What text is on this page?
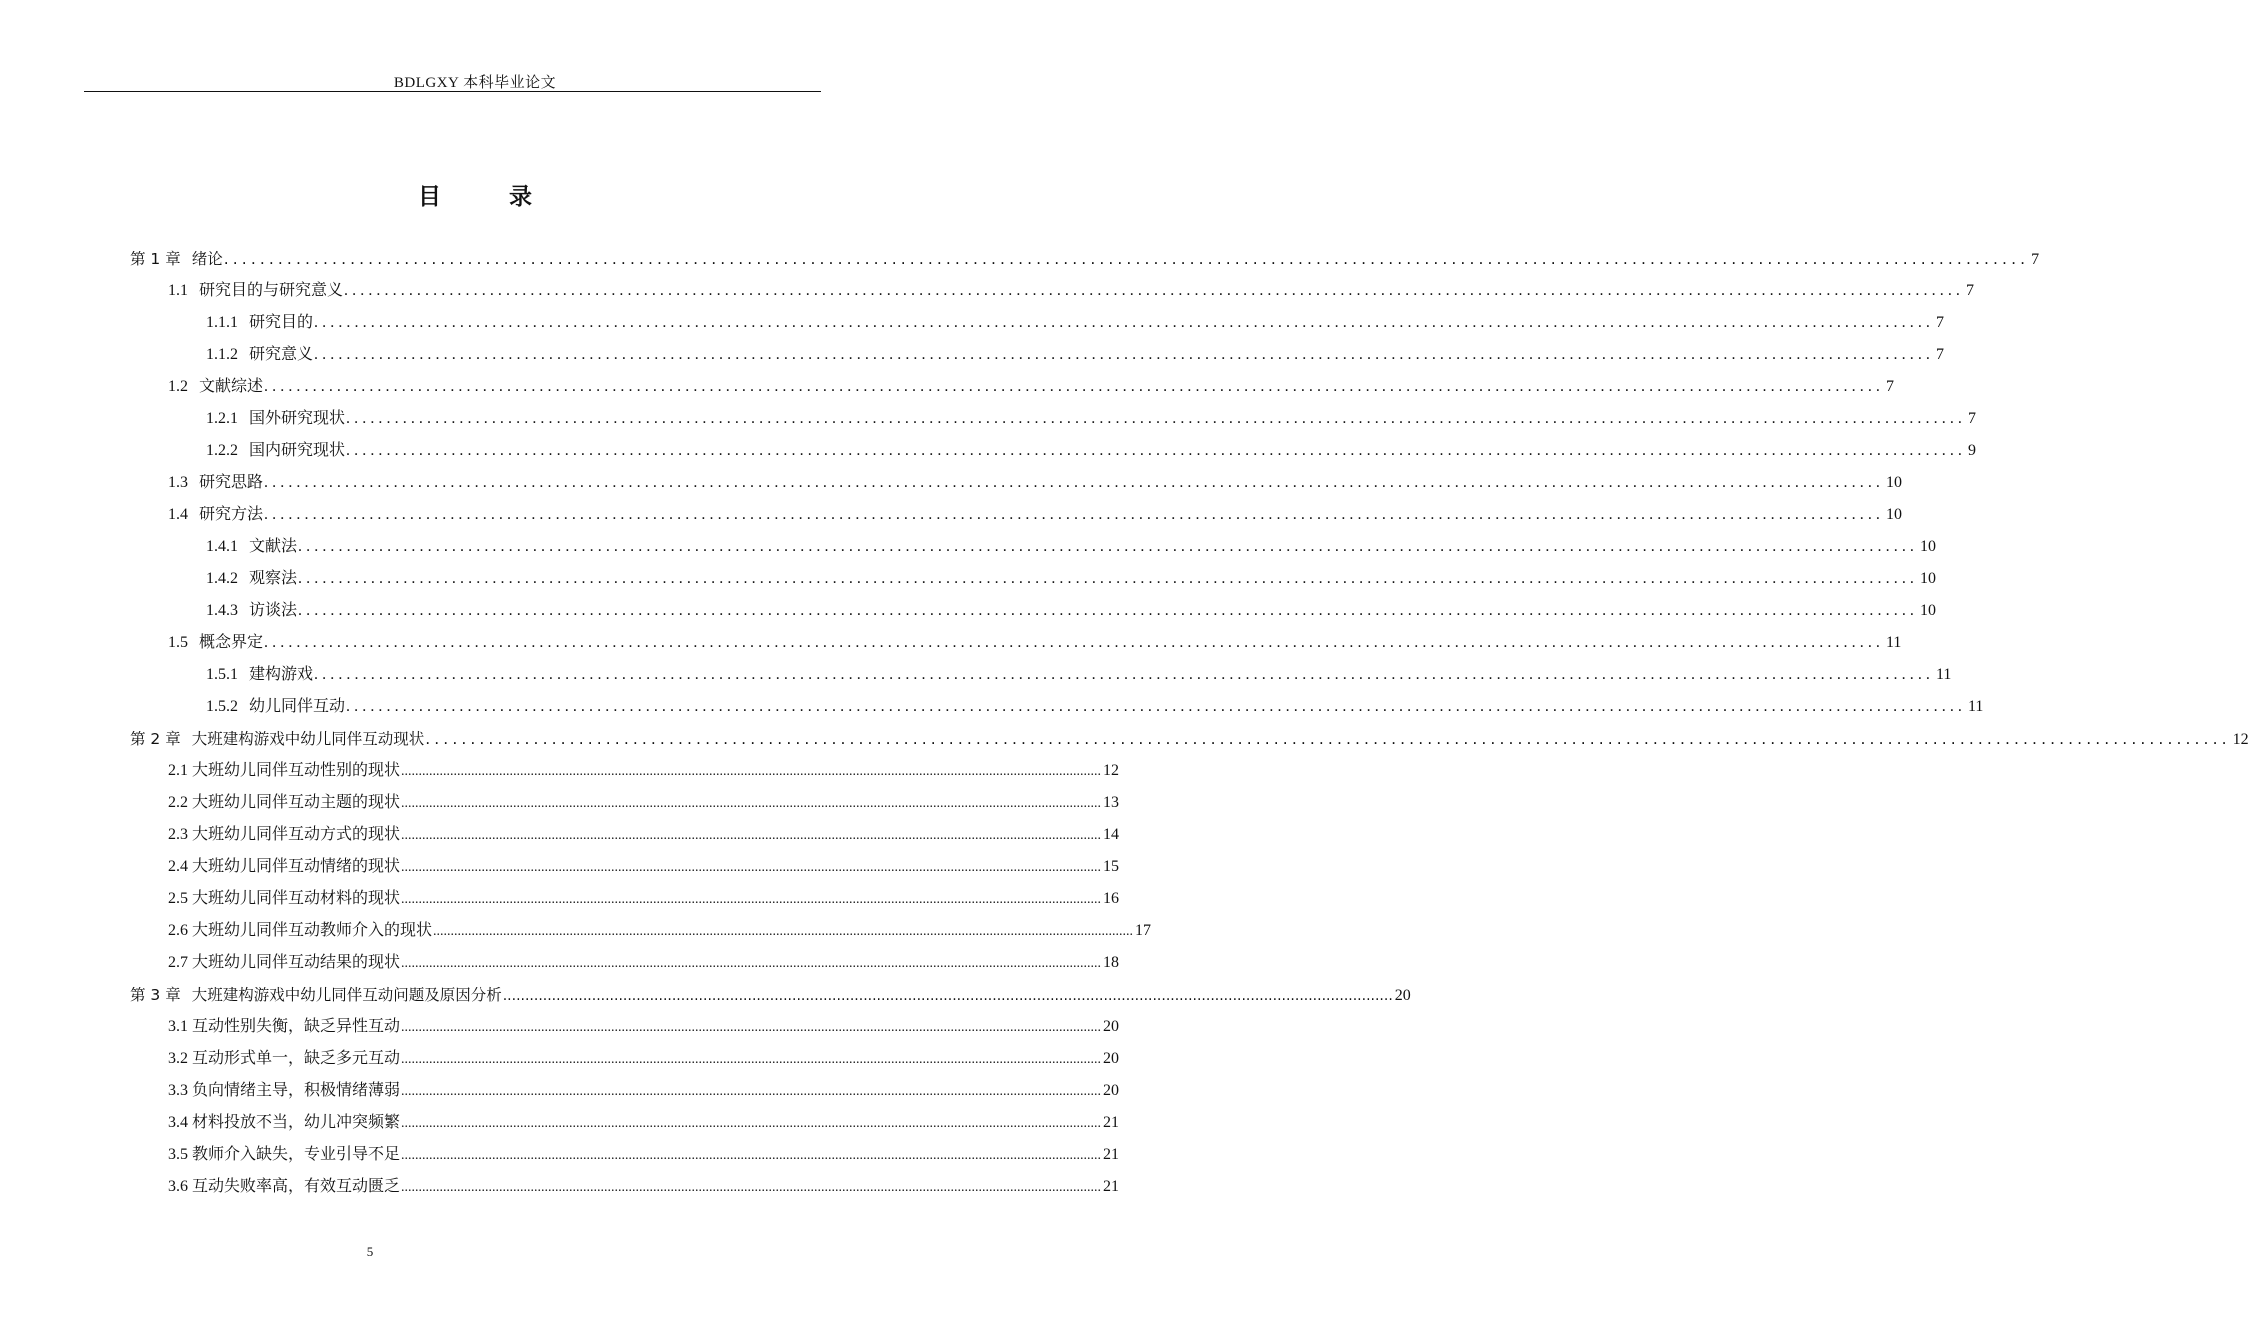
BDLGXY 本科毕业论文
目 录
第 1 章 绪论 ........................................................................................................................................................................................................ 7
1.1 研究目的与研究意义 ........................................................................................................................................................................................................ 7
1.1.1 研究目的 ........................................................................................................................................................................................................ 7
1.1.2 研究意义 ........................................................................................................................................................................................................ 7
1.2 文献综述 ........................................................................................................................................................................................................ 7
1.2.1 国外研究现状 ........................................................................................................................................................................................................ 7
1.2.2 国内研究现状 ........................................................................................................................................................................................................ 9
1.3 研究思路 ........................................................................................................................................................................................................ 10
1.4 研究方法 ........................................................................................................................................................................................................ 10
1.4.1 文献法 ........................................................................................................................................................................................................ 10
1.4.2 观察法 ........................................................................................................................................................................................................ 10
1.4.3 访谈法 ........................................................................................................................................................................................................ 10
1.5 概念界定 ........................................................................................................................................................................................................ 11
1.5.1 建构游戏 ........................................................................................................................................................................................................ 11
1.5.2 幼儿同伴互动 ........................................................................................................................................................................................................ 11
第 2 章 大班建构游戏中幼儿同伴互动现状 ........................................................................................................................................................................................................ 12
2.1 大班幼儿同伴互动性别的现状 ........................................................................................................................................................................................................ 12
2.2 大班幼儿同伴互动主题的现状 ........................................................................................................................................................................................................ 13
2.3 大班幼儿同伴互动方式的现状 ........................................................................................................................................................................................................ 14
2.4 大班幼儿同伴互动情绪的现状 ........................................................................................................................................................................................................ 15
2.5 大班幼儿同伴互动材料的现状 ........................................................................................................................................................................................................ 16
2.6 大班幼儿同伴互动教师介入的现状 ........................................................................................................................................................................................................ 17
2.7 大班幼儿同伴互动结果的现状 ........................................................................................................................................................................................................ 18
第 3 章 大班建构游戏中幼儿同伴互动问题及原因分析 ........................................................................................................................................................................................................ 20
3.1 互动性别失衡，缺乏异性互动 ........................................................................................................................................................................................................ 20
3.2 互动形式单一，缺乏多元互动 ........................................................................................................................................................................................................ 20
3.3 负向情绪主导，积极情绪薄弱 ........................................................................................................................................................................................................ 20
3.4 材料投放不当，幼儿冲突频繁 ........................................................................................................................................................................................................ 21
3.5 教师介入缺失，专业引导不足 ........................................................................................................................................................................................................ 21
3.6 互动失败率高，有效互动匮乏 ........................................................................................................................................................................................................ 21
5
